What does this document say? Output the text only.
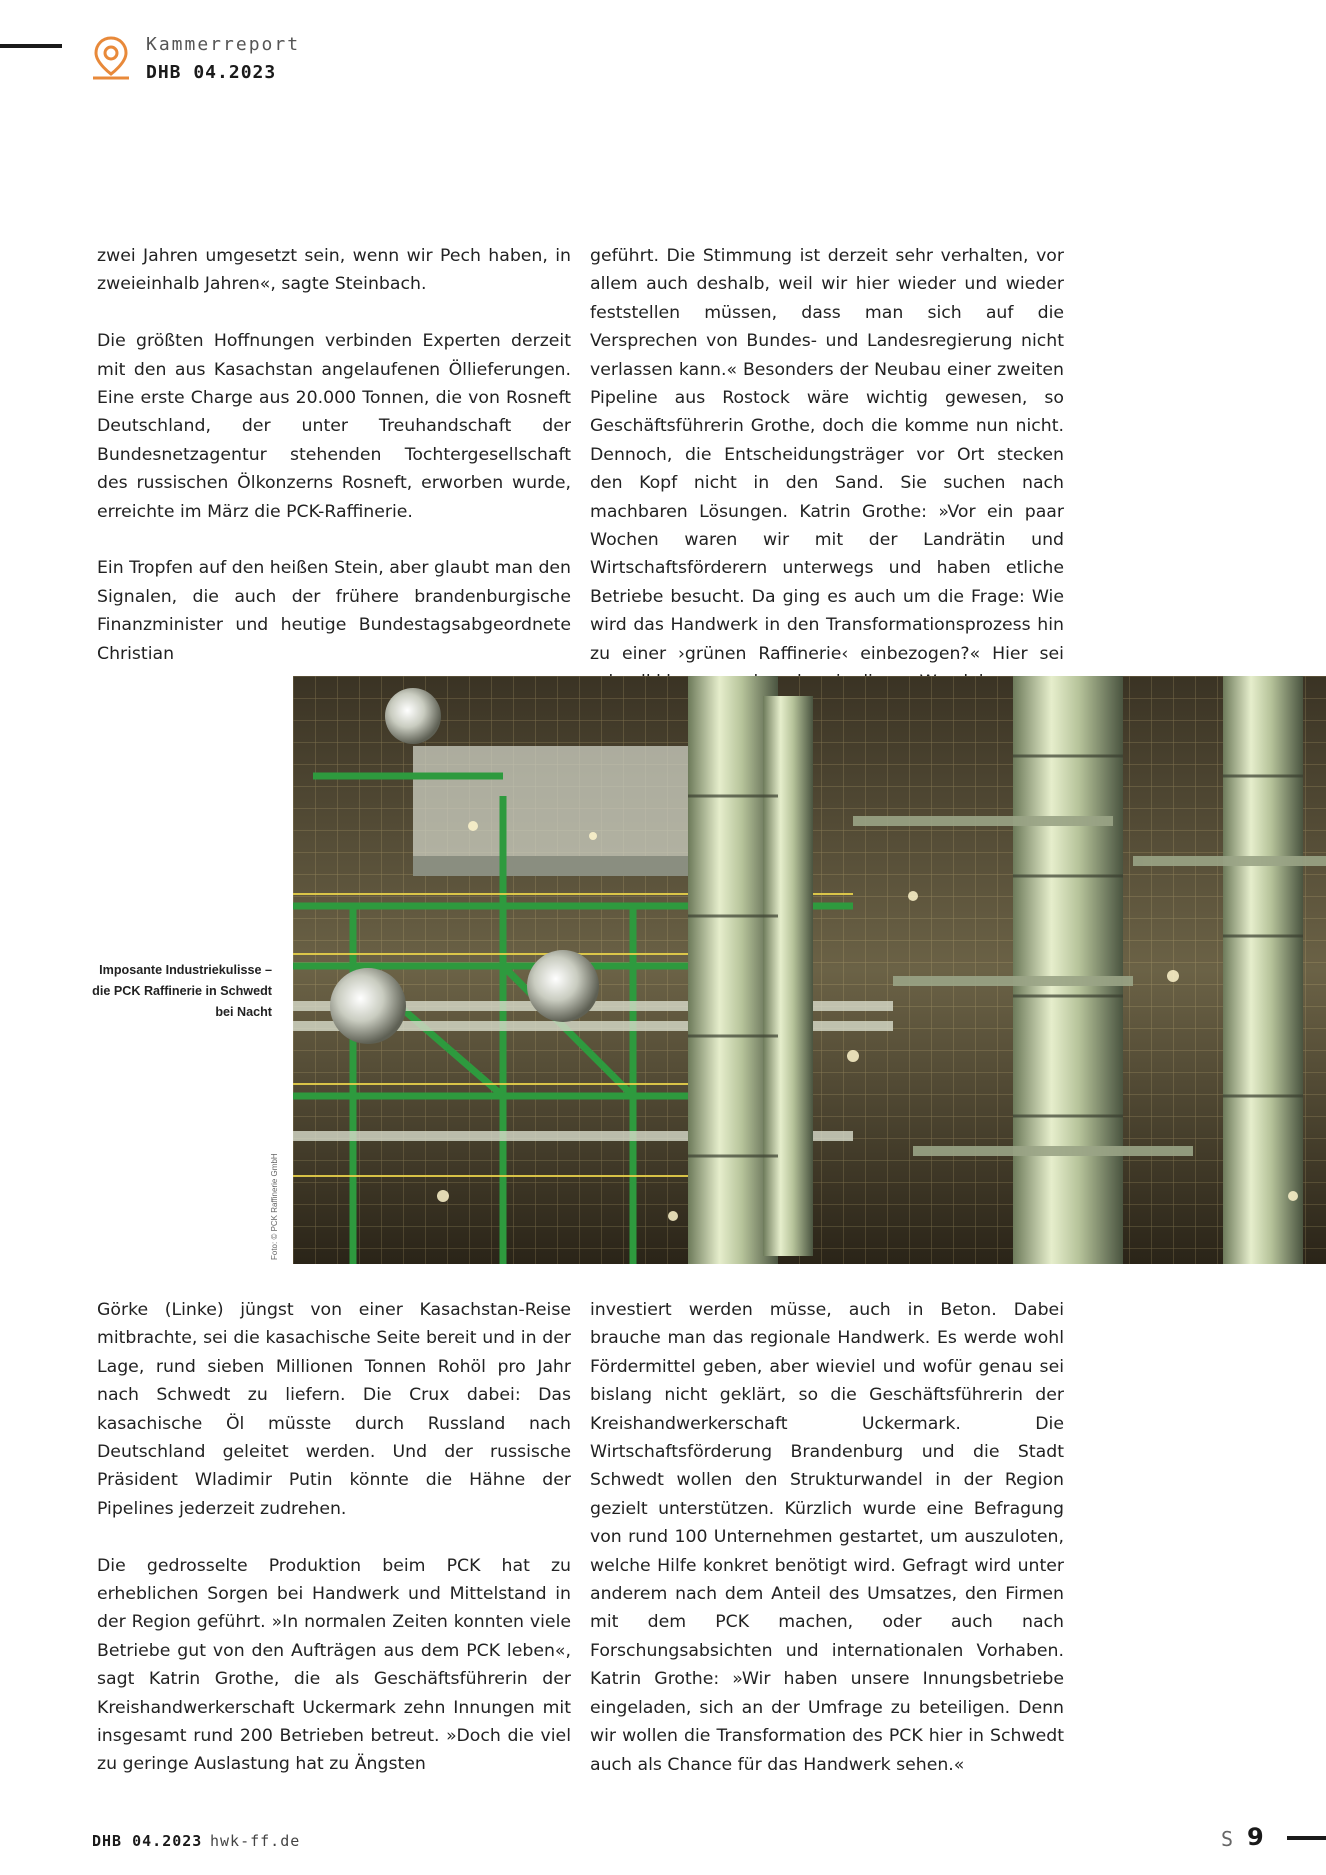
Kammerreport
DHB 04.2023

zwei Jahren umgesetzt sein, wenn wir Pech haben, in zweieinhalb Jahren«, sagte Steinbach.

Die größten Hoffnungen verbinden Experten derzeit mit den aus Kasachstan angelaufenen Öllieferungen. Eine erste Charge aus 20.000 Tonnen, die von Rosneft Deutschland, der unter Treuhandschaft der Bundesnetzagentur stehenden Tochtergesellschaft des russischen Ölkonzerns Rosneft, erworben wurde, erreichte im März die PCK-Raffinerie.

Ein Tropfen auf den heißen Stein, aber glaubt man den Signalen, die auch der frühere brandenburgische Finanzminister und heutige Bundestagsabgeordnete Christian

geführt. Die Stimmung ist derzeit sehr verhalten, vor allem auch deshalb, weil wir hier wieder und wieder feststellen müssen, dass man sich auf die Versprechen von Bundes- und Landesregierung nicht verlassen kann.« Besonders der Neubau einer zweiten Pipeline aus Rostock wäre wichtig gewesen, so Geschäftsführerin Grothe, doch die komme nun nicht. Dennoch, die Entscheidungsträger vor Ort stecken den Kopf nicht in den Sand. Sie suchen nach machbaren Lösungen. Katrin Grothe: »Vor ein paar Wochen waren wir mit der Landrätin und Wirtschaftsförderern unterwegs und haben etliche Betriebe besucht. Da ging es auch um die Frage: Wie wird das Handwerk in den Transformationsprozess hin zu einer ›grünen Raffinerie‹ einbezogen?« Hier sei

Imposante Industriekulisse –
die PCK Raffinerie in Schwedt
bei Nacht
Foto: © PCK Raffinerie GmbH

Görke (Linke) jüngst von einer Kasachstan-Reise mitbrachte, sei die kasachische Seite bereit und in der Lage, rund sieben Millionen Tonnen Rohöl pro Jahr nach Schwedt zu liefern. Die Crux dabei: Das kasachische Öl müsste durch Russland nach Deutschland geleitet werden. Und der russische Präsident Wladimir Putin könnte die Hähne der Pipelines jederzeit zudrehen.

Die gedrosselte Produktion beim PCK hat zu erheblichen Sorgen bei Handwerk und Mittelstand in der Region geführt. »In normalen Zeiten konnten viele Betriebe gut von den Aufträgen aus dem PCK leben«, sagt Katrin Grothe, die als Geschäftsführerin der Kreishandwerkerschaft Uckermark zehn Innungen mit insgesamt rund 200 Betrieben betreut. »Doch die viel zu geringe Auslastung hat zu Ängsten

investiert werden müsse, auch in Beton. Dabei brauche man das regionale Handwerk. Es werde wohl Fördermittel geben, aber wieviel und wofür genau sei bislang nicht geklärt, so die Geschäftsführerin der Kreishandwerkerschaft Uckermark. Die Wirtschaftsförderung Brandenburg und die Stadt Schwedt wollen den Strukturwandel in der Region gezielt unterstützen. Kürzlich wurde eine Befragung von rund 100 Unternehmen gestartet, um auszuloten, welche Hilfe konkret benötigt wird. Gefragt wird unter anderem nach dem Anteil des Umsatzes, den Firmen mit dem PCK machen, oder auch nach Forschungsabsichten und internationalen Vorhaben. Katrin Grothe: »Wir haben unsere Innungsbetriebe eingeladen, sich an der Umfrage zu beteiligen. Denn wir wollen die Transformation des PCK hier in Schwedt auch als Chance für das Handwerk sehen.«

DHB 04.2023 hwk-ff.de	S 9
